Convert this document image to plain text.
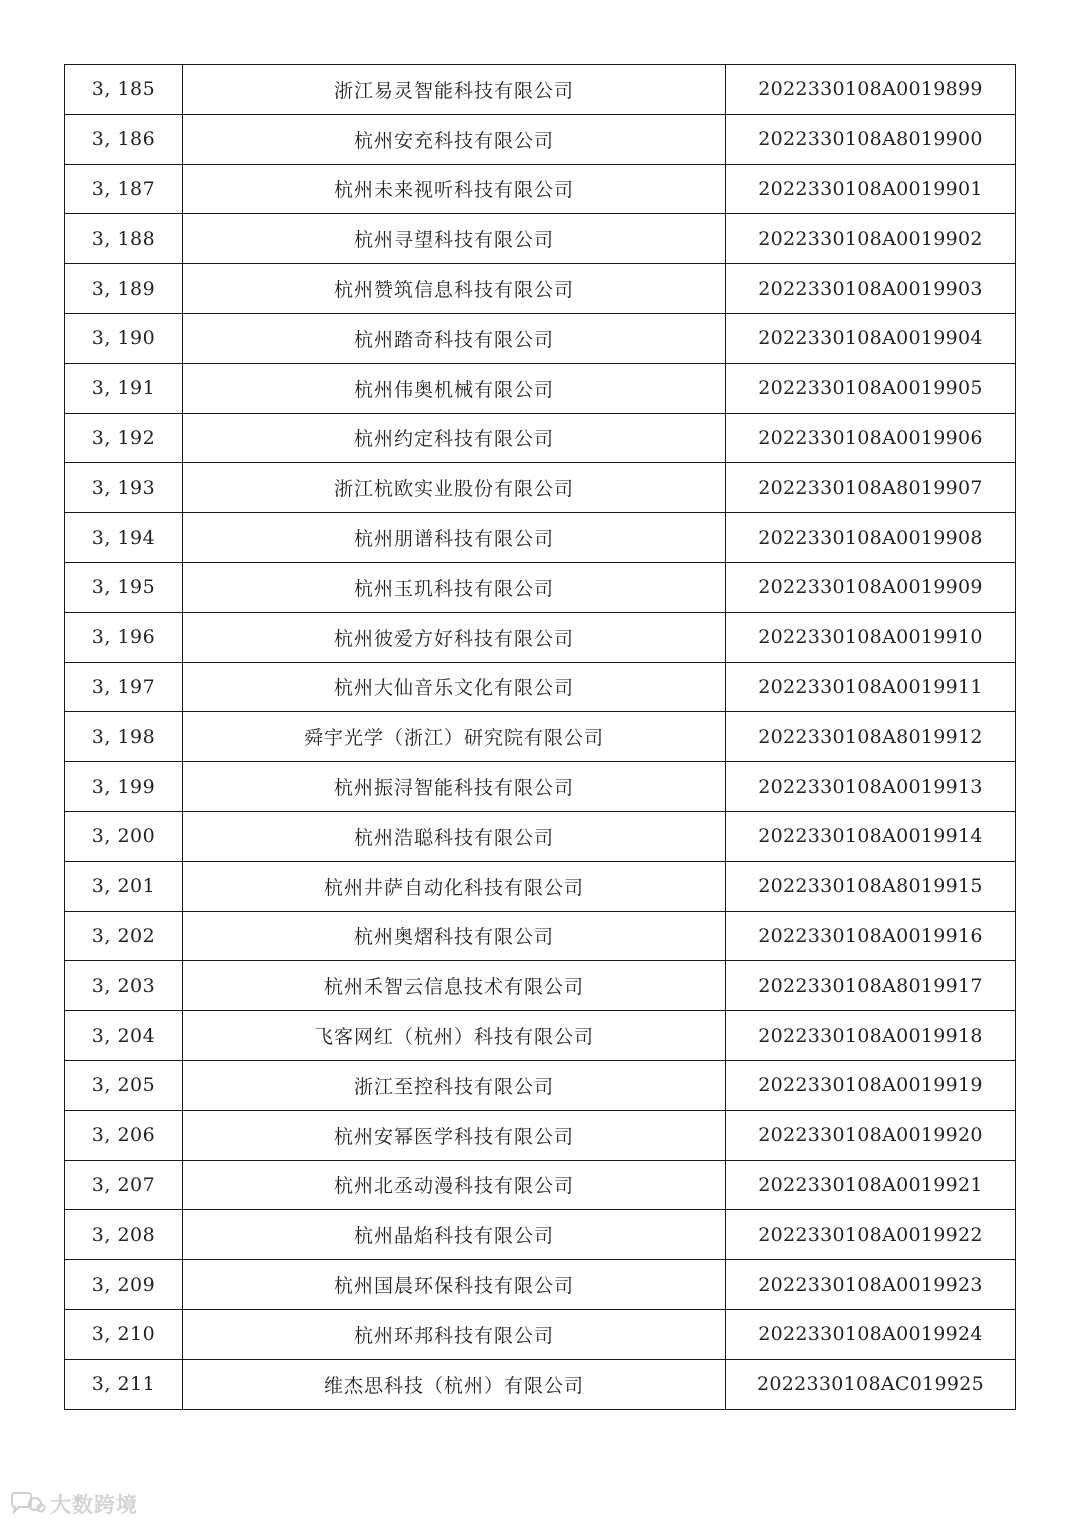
3, 185	浙江易灵智能科技有限公司	2022330108A0019899
3, 186	杭州安充科技有限公司	2022330108A8019900
3, 187	杭州未来视听科技有限公司	2022330108A0019901
3, 188	杭州寻望科技有限公司	2022330108A0019902
3, 189	杭州赞筑信息科技有限公司	2022330108A0019903
3, 190	杭州踏奇科技有限公司	2022330108A0019904
3, 191	杭州伟奥机械有限公司	2022330108A0019905
3, 192	杭州约定科技有限公司	2022330108A0019906
3, 193	浙江杭欧实业股份有限公司	2022330108A8019907
3, 194	杭州朋谱科技有限公司	2022330108A0019908
3, 195	杭州玉玑科技有限公司	2022330108A0019909
3, 196	杭州彼爱方好科技有限公司	2022330108A0019910
3, 197	杭州大仙音乐文化有限公司	2022330108A0019911
3, 198	舜宇光学（浙江）研究院有限公司	2022330108A8019912
3, 199	杭州振浔智能科技有限公司	2022330108A0019913
3, 200	杭州浩聪科技有限公司	2022330108A0019914
3, 201	杭州井萨自动化科技有限公司	2022330108A8019915
3, 202	杭州奥熠科技有限公司	2022330108A0019916
3, 203	杭州禾智云信息技术有限公司	2022330108A8019917
3, 204	飞客网红（杭州）科技有限公司	2022330108A0019918
3, 205	浙江至控科技有限公司	2022330108A0019919
3, 206	杭州安幂医学科技有限公司	2022330108A0019920
3, 207	杭州北丞动漫科技有限公司	2022330108A0019921
3, 208	杭州晶焰科技有限公司	2022330108A0019922
3, 209	杭州国晨环保科技有限公司	2022330108A0019923
3, 210	杭州环邦科技有限公司	2022330108A0019924
3, 211	维杰思科技（杭州）有限公司	2022330108AC019925
大数跨境
